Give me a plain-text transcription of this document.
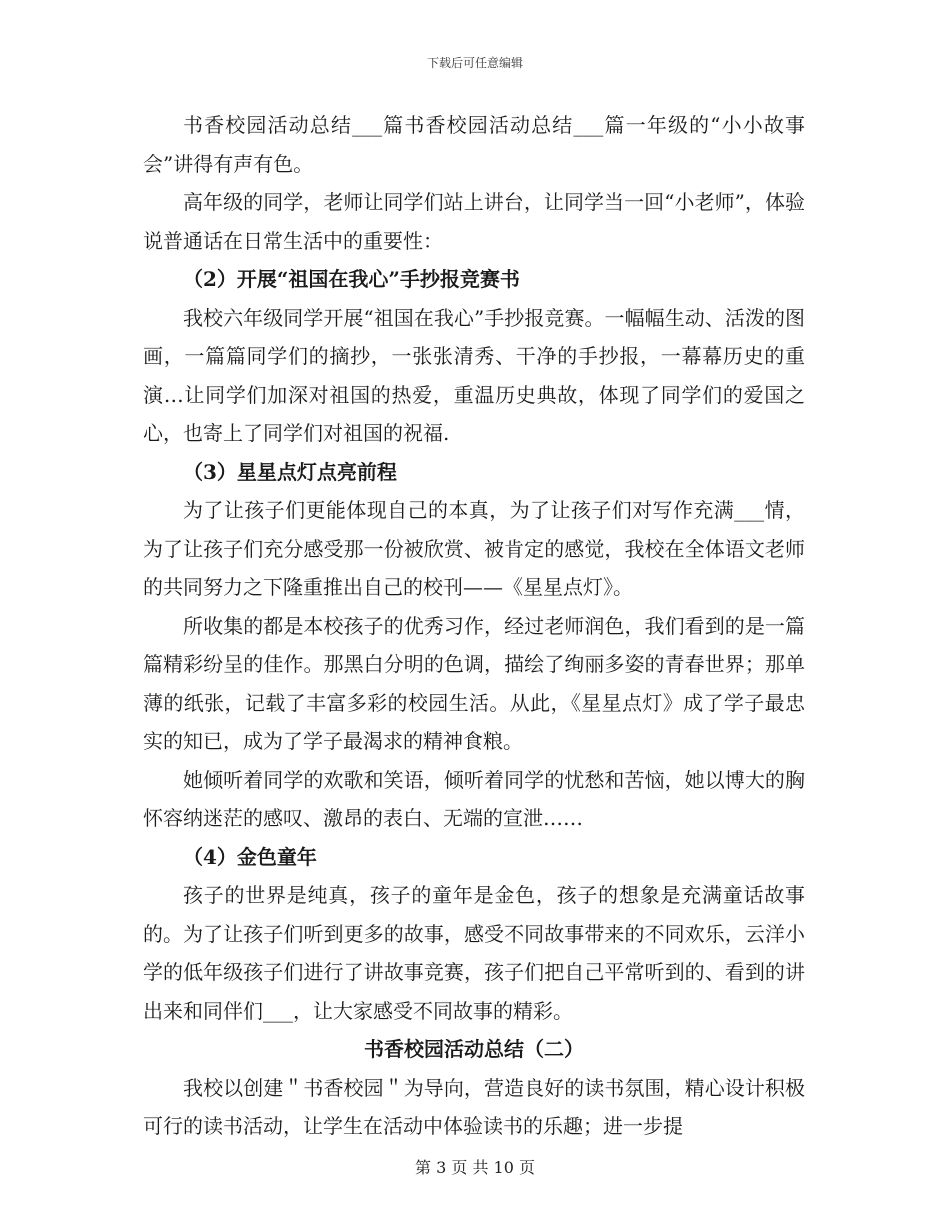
下载后可任意编辑

书香校园活动总结___篇书香校园活动总结___篇一年级的“小小故事会”讲得有声有色。

高年级的同学，老师让同学们站上讲台，让同学当一回“小老师”，体验说普通话在日常生活中的重要性：

（2）开展“祖国在我心”手抄报竞赛书

我校六年级同学开展“祖国在我心”手抄报竞赛。一幅幅生动、活泼的图画，一篇篇同学们的摘抄，一张张清秀、干净的手抄报，一幕幕历史的重演…让同学们加深对祖国的热爱，重温历史典故，体现了同学们的爱国之心，也寄上了同学们对祖国的祝福.

（3）星星点灯点亮前程

为了让孩子们更能体现自己的本真，为了让孩子们对写作充满___情，为了让孩子们充分感受那一份被欣赏、被肯定的感觉，我校在全体语文老师的共同努力之下隆重推出自己的校刊——《星星点灯》。

所收集的都是本校孩子的优秀习作，经过老师润色，我们看到的是一篇篇精彩纷呈的佳作。那黑白分明的色调，描绘了绚丽多姿的青春世界；那单薄的纸张，记载了丰富多彩的校园生活。从此，《星星点灯》成了学子最忠实的知已，成为了学子最渴求的精神食粮。

她倾听着同学的欢歌和笑语，倾听着同学的忧愁和苦恼，她以博大的胸怀容纳迷茫的感叹、激昂的表白、无端的宣泄……

（4）金色童年

孩子的世界是纯真，孩子的童年是金色，孩子的想象是充满童话故事的。为了让孩子们听到更多的故事，感受不同故事带来的不同欢乐，云洋小学的低年级孩子们进行了讲故事竞赛，孩子们把自己平常听到的、看到的讲出来和同伴们___，让大家感受不同故事的精彩。

书香校园活动总结（二）

我校以创建＂书香校园＂为导向，营造良好的读书氛围，精心设计积极可行的读书活动，让学生在活动中体验读书的乐趣；进一步提

第 3 页 共 10 页
